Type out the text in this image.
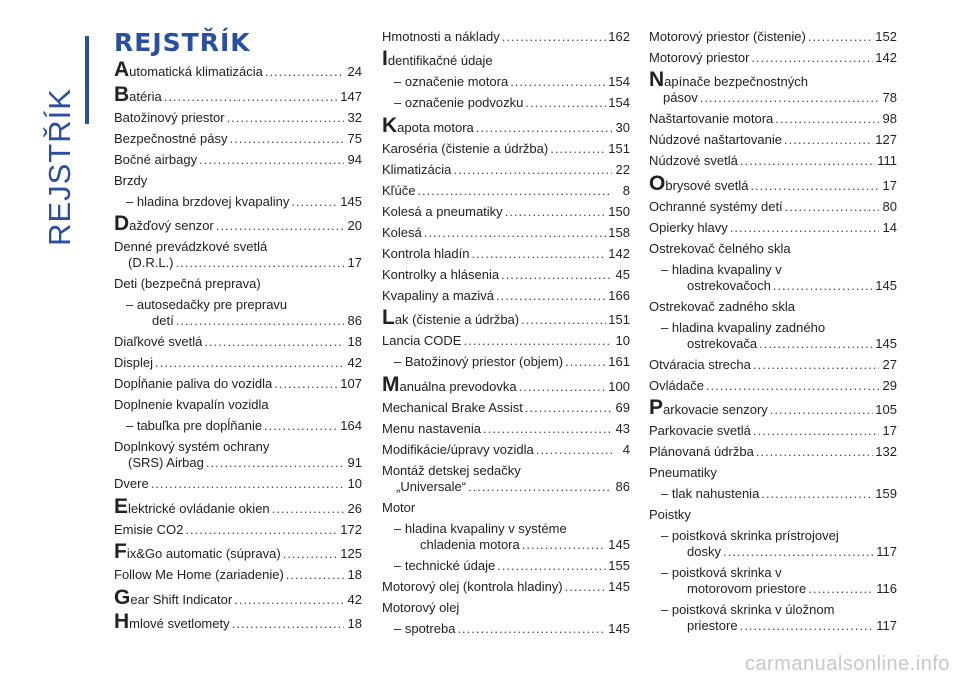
REJSTŘÍK
REJSTŘÍK
Automatická klimatizácia .....	24
Batéria .....	147
Batožinový priestor .....	32
Bezpečnostné pásy .....	75
Bočné airbagy .....	94
Brzdy
– hladina brzdovej kvapaliny .....	145
Dažďový senzor .....	20
Denné prevádzkové svetlá
(D.R.L.) .....	17
Deti (bezpečná preprava)
– autosedačky pre prepravu
detí .....	86
Diaľkové svetlá .....	18
Displej .....	42
Dopĺňanie paliva do vozidla .....	107
Doplnenie kvapalín vozidla
– tabuľka pre dopĺňanie .....	164
Doplnkový systém ochrany
(SRS) Airbag .....	91
Dvere .....	10
Elektrické ovládanie okien .....	26
Emisie CO2 .....	172
Fix&Go automatic (súprava) .....	125
Follow Me Home (zariadenie) .....	18
Gear Shift Indicator .....	42
Hmlové svetlomety .....	18
Hmotnosti a náklady .....	162
Identifikačné údaje
– označenie motora .....	154
– označenie podvozku .....	154
Kapota motora .....	30
Karoséria (čistenie a údržba) .....	151
Klimatizácia .....	22
Kľúče .....	8
Kolesá a pneumatiky .....	150
Kolesá .....	158
Kontrola hladín .....	142
Kontrolky a hlásenia .....	45
Kvapaliny a mazivá .....	166
Lak (čistenie a údržba) .....	151
Lancia CODE .....	10
– Batožinový priestor (objem) .....	161
Manuálna prevodovka .....	100
Mechanical Brake Assist .....	69
Menu nastavenia .....	43
Modifikácie/úpravy vozidla .....	4
Montáž detskej sedačky
„Universale“ .....	86
Motor
– hladina kvapaliny v systéme
chladenia motora .....	145
– technické údaje .....	155
Motorový olej (kontrola hladiny) .....	145
Motorový olej
– spotreba .....	145
Motorový priestor (čistenie) .....	152
Motorový priestor .....	142
Napínače bezpečnostných
pásov .....	78
Naštartovanie motora .....	98
Núdzové naštartovanie .....	127
Núdzové svetlá .....	111
Obrysové svetlá .....	17
Ochranné systémy detí .....	80
Opierky hlavy .....	14
Ostrekovač čelného skla
– hladina kvapaliny v
ostrekovačoch .....	145
Ostrekovač zadného skla
– hladina kvapaliny zadného
ostrekovača .....	145
Otváracia strecha .....	27
Ovládače .....	29
Parkovacie senzory .....	105
Parkovacie svetlá .....	17
Plánovaná údržba .....	132
Pneumatiky
– tlak nahustenia .....	159
Poistky
– poistková skrinka prístrojovej
dosky .....	117
– poistková skrinka v
motorovom priestore .....	116
– poistková skrinka v úložnom
priestore .....	117
carmanualsonline.info
